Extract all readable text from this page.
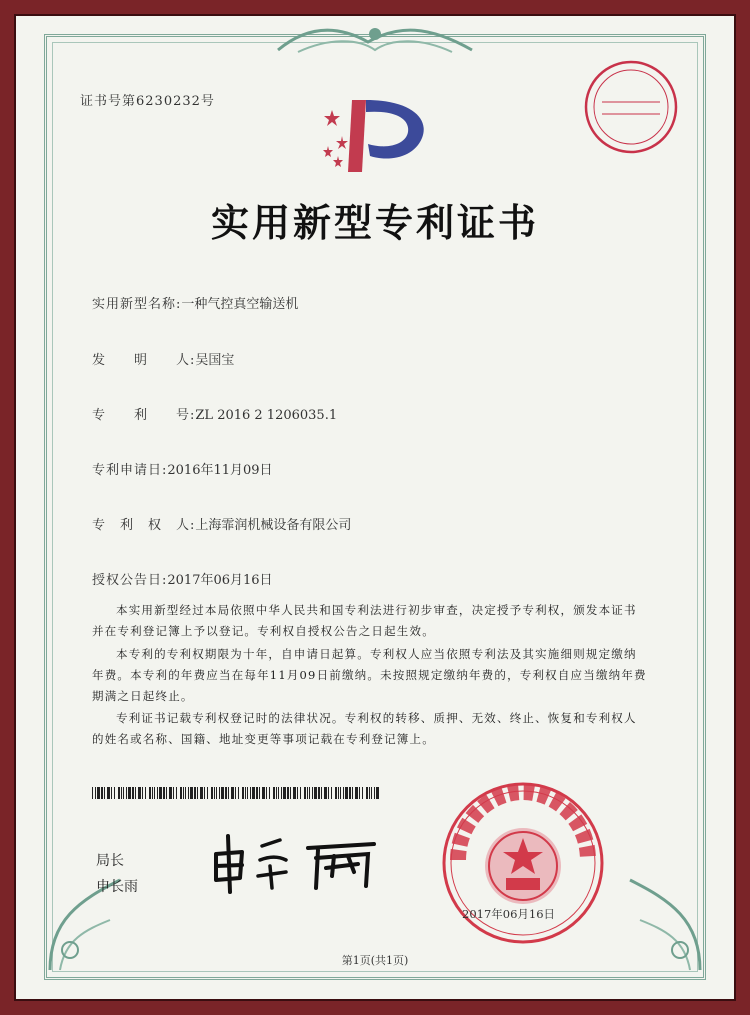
证书号第6230232号
实用新型专利证书
实用新型名称:一种气控真空输送机
发　　明　　人:吴国宝
专　　利　　号:ZL 2016 2 1206035.1
专利申请日:2016年11月09日
专　利　权　人:上海霏润机械设备有限公司
授权公告日:2017年06月16日
本实用新型经过本局依照中华人民共和国专利法进行初步审查，决定授予专利权，颁发本证书并在专利登记簿上予以登记。专利权自授权公告之日起生效。
本专利的专利权期限为十年，自申请日起算。专利权人应当依照专利法及其实施细则规定缴纳年费。本专利的年费应当在每年11月09日前缴纳。未按照规定缴纳年费的，专利权自应当缴纳年费期满之日起终止。
专利证书记载专利权登记时的法律状况。专利权的转移、质押、无效、终止、恢复和专利权人的姓名或名称、国籍、地址变更等事项记载在专利登记簿上。
局长
申长雨
2017年06月16日
第1页(共1页)
